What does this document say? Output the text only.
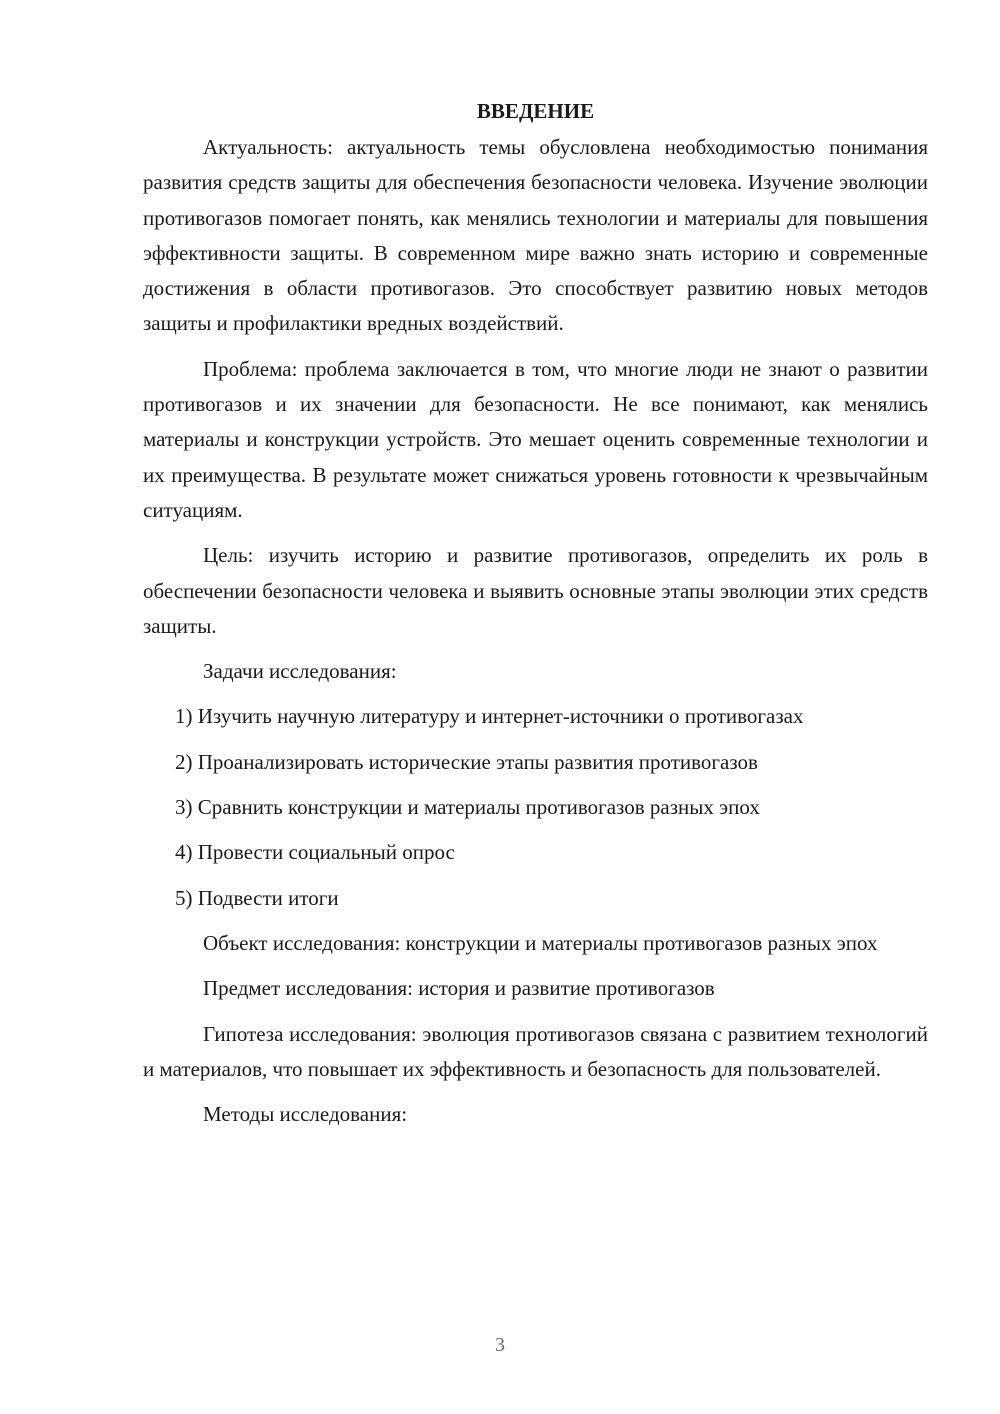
ВВЕДЕНИЕ

Актуальность: актуальность темы обусловлена необходимостью понимания развития средств защиты для обеспечения безопасности человека. Изучение эволюции противогазов помогает понять, как менялись технологии и материалы для повышения эффективности защиты. В современном мире важно знать историю и современные достижения в области противогазов. Это способствует развитию новых методов защиты и профилактики вредных воздействий.

Проблема: проблема заключается в том, что многие люди не знают о развитии противогазов и их значении для безопасности. Не все понимают, как менялись материалы и конструкции устройств. Это мешает оценить современные технологии и их преимущества. В результате может снижаться уровень готовности к чрезвычайным ситуациям.

Цель: изучить историю и развитие противогазов, определить их роль в обеспечении безопасности человека и выявить основные этапы эволюции этих средств защиты.

Задачи исследования:

1) Изучить научную литературу и интернет-источники о противогазах

2) Проанализировать исторические этапы развития противогазов

3) Сравнить конструкции и материалы противогазов разных эпох

4) Провести социальный опрос

5) Подвести итоги

Объект исследования: конструкции и материалы противогазов разных эпох

Предмет исследования: история и развитие противогазов

Гипотеза исследования: эволюция противогазов связана с развитием технологий и материалов, что повышает их эффективность и безопасность для пользователей.

Методы исследования:

3
